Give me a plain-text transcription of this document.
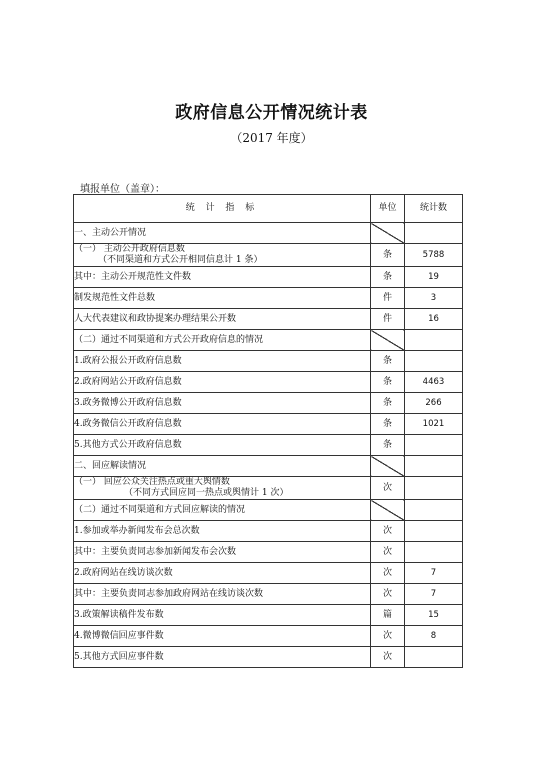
政府信息公开情况统计表
（2017 年度）
填报单位（盖章）：
统 计 指 标	单位	统计数
一、主动公开情况		
（一） 主动公开政府信息数
（不同渠道和方式公开相同信息计 1 条）	条	5788
其中：主动公开规范性文件数	条	19
制发规范性文件总数	件	3
人大代表建议和政协提案办理结果公开数	件	16
（二）通过不同渠道和方式公开政府信息的情况		
1.政府公报公开政府信息数	条	
2.政府网站公开政府信息数	条	4463
3.政务微博公开政府信息数	条	266
4.政务微信公开政府信息数	条	1021
5.其他方式公开政府信息数	条	
二、回应解读情况		
（一） 回应公众关注热点或重大舆情数
（不同方式回应同一热点或舆情计 1 次）	次	
（二）通过不同渠道和方式回应解读的情况		
1.参加或举办新闻发布会总次数	次	
其中：主要负责同志参加新闻发布会次数	次	
2.政府网站在线访谈次数	次	7
其中：主要负责同志参加政府网站在线访谈次数	次	7
3.政策解读稿件发布数	篇	15
4.微博微信回应事件数	次	8
5.其他方式回应事件数	次	
